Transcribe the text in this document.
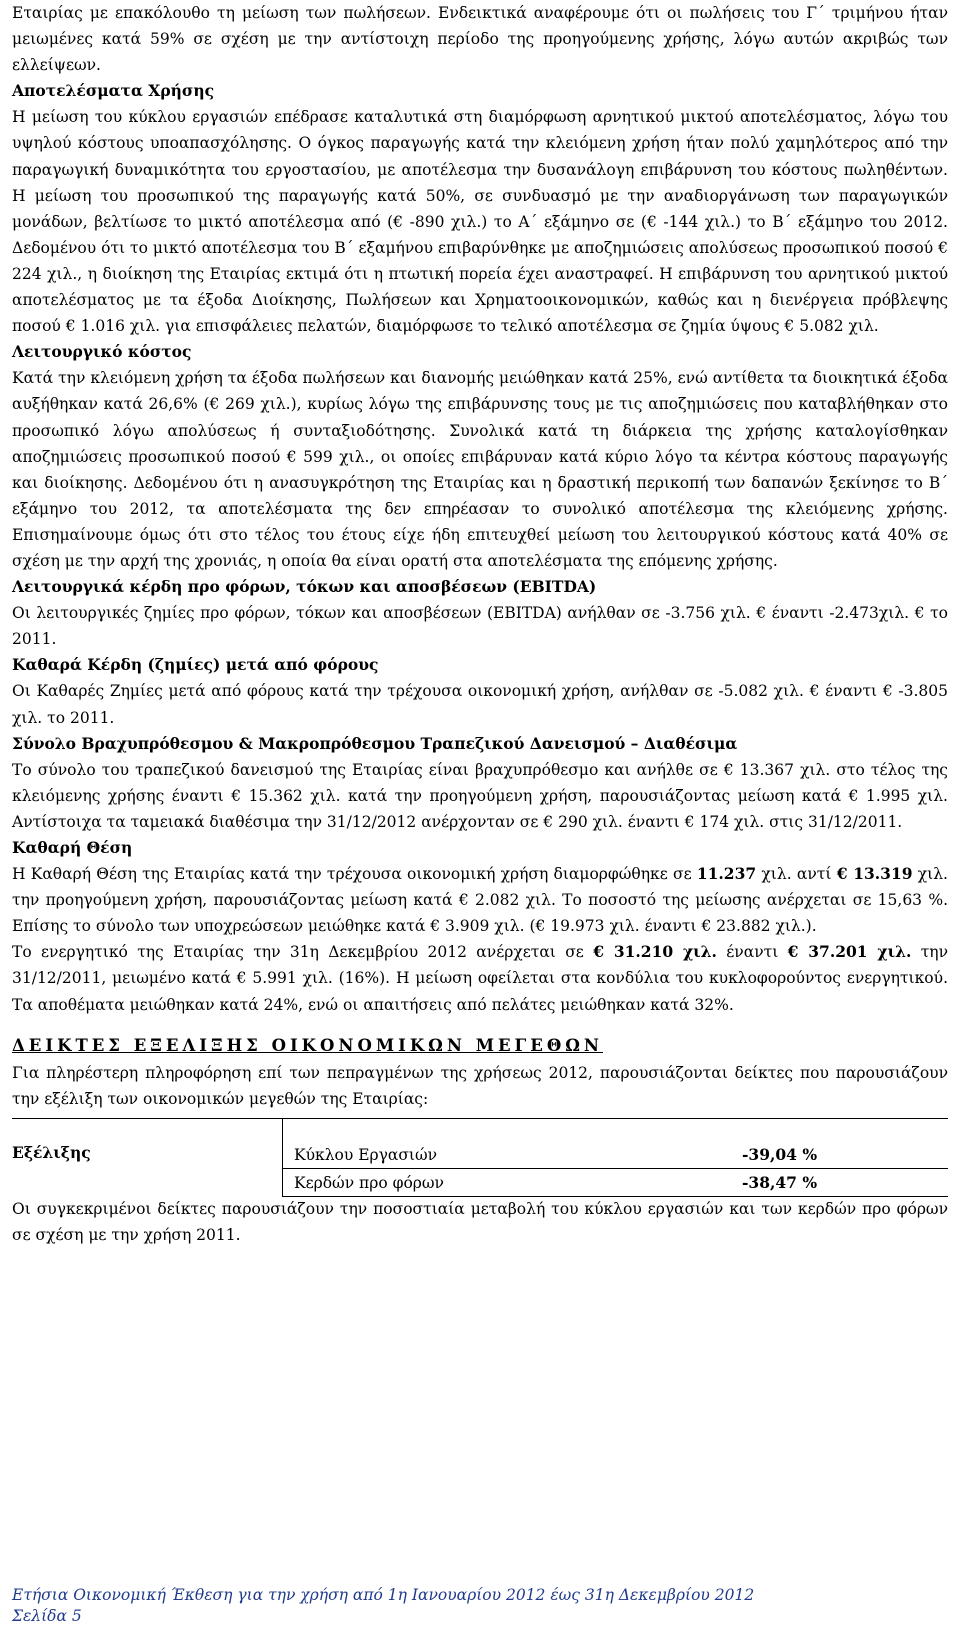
Εταιρίας με επακόλουθο τη μείωση των πωλήσεων. Ενδεικτικά αναφέρουμε ότι οι πωλήσεις του Γ΄ τριμήνου ήταν μειωμένες κατά 59% σε σχέση με την αντίστοιχη περίοδο της προηγούμενης χρήσης, λόγω αυτών ακριβώς των ελλείψεων.

Αποτελέσματα Χρήσης

Η μείωση του κύκλου εργασιών επέδρασε καταλυτικά στη διαμόρφωση αρνητικού μικτού αποτελέσματος, λόγω του υψηλού κόστους υποαπασχόλησης. Ο όγκος παραγωγής κατά την κλειόμενη χρήση ήταν πολύ χαμηλότερος από την παραγωγική δυναμικότητα του εργοστασίου, με αποτέλεσμα την δυσανάλογη επιβάρυνση του κόστους πωληθέντων. Η μείωση του προσωπικού της παραγωγής κατά 50%, σε συνδυασμό με την αναδιοργάνωση των παραγωγικών μονάδων, βελτίωσε το μικτό αποτέλεσμα από (€ -890 χιλ.) το Α΄ εξάμηνο σε (€ -144 χιλ.) το Β΄ εξάμηνο του 2012. Δεδομένου ότι το μικτό αποτέλεσμα του Β΄ εξαμήνου επιβαρύνθηκε με αποζημιώσεις απολύσεως προσωπικού ποσού € 224 χιλ., η διοίκηση της Εταιρίας εκτιμά ότι η πτωτική πορεία έχει αναστραφεί. Η επιβάρυνση του αρνητικού μικτού αποτελέσματος με τα έξοδα Διοίκησης, Πωλήσεων και Χρηματοοικονομικών, καθώς και η διενέργεια πρόβλεψης ποσού € 1.016 χιλ. για επισφάλειες πελατών, διαμόρφωσε το τελικό αποτέλεσμα σε ζημία ύψους € 5.082 χιλ.

Λειτουργικό κόστος

Κατά την κλειόμενη χρήση τα έξοδα πωλήσεων και διανομής μειώθηκαν κατά 25%, ενώ αντίθετα τα διοικητικά έξοδα αυξήθηκαν κατά 26,6% (€ 269 χιλ.), κυρίως λόγω της επιβάρυνσης τους με τις αποζημιώσεις που καταβλήθηκαν στο προσωπικό λόγω απολύσεως ή συνταξιοδότησης. Συνολικά κατά τη διάρκεια της χρήσης καταλογίσθηκαν αποζημιώσεις προσωπικού ποσού € 599 χιλ., οι οποίες επιβάρυναν κατά κύριο λόγο τα κέντρα κόστους παραγωγής και διοίκησης. Δεδομένου ότι η ανασυγκρότηση της Εταιρίας και η δραστική περικοπή των δαπανών ξεκίνησε το Β΄ εξάμηνο του 2012, τα αποτελέσματα της δεν επηρέασαν το συνολικό αποτέλεσμα της κλειόμενης χρήσης. Επισημαίνουμε όμως ότι στο τέλος του έτους είχε ήδη επιτευχθεί μείωση του λειτουργικού κόστους κατά 40% σε σχέση με την αρχή της χρονιάς, η οποία θα είναι ορατή στα αποτελέσματα της επόμενης χρήσης.

Λειτουργικά κέρδη προ φόρων, τόκων και αποσβέσεων (EBITDA)

Οι λειτουργικές ζημίες προ φόρων, τόκων και αποσβέσεων (EBITDA) ανήλθαν σε -3.756 χιλ. € έναντι -2.473χιλ. € το 2011.

Καθαρά Κέρδη (ζημίες) μετά από φόρους

Οι Καθαρές Ζημίες μετά από φόρους κατά την τρέχουσα οικονομική χρήση, ανήλθαν σε -5.082 χιλ. € έναντι € -3.805 χιλ. το 2011.

Σύνολο Βραχυπρόθεσμου & Μακροπρόθεσμου Τραπεζικού Δανεισμού – Διαθέσιμα

Το σύνολο του τραπεζικού δανεισμού της Εταιρίας είναι βραχυπρόθεσμο και ανήλθε σε € 13.367 χιλ. στο τέλος της κλειόμενης χρήσης έναντι € 15.362 χιλ. κατά την προηγούμενη χρήση, παρουσιάζοντας μείωση κατά € 1.995 χιλ. Αντίστοιχα τα ταμειακά διαθέσιμα την 31/12/2012 ανέρχονταν σε € 290 χιλ. έναντι € 174 χιλ. στις 31/12/2011.

Καθαρή Θέση

Η Καθαρή Θέση της Εταιρίας κατά την τρέχουσα οικονομική χρήση διαμορφώθηκε σε 11.237 χιλ. αντί € 13.319 χιλ. την προηγούμενη χρήση, παρουσιάζοντας μείωση κατά € 2.082 χιλ. Το ποσοστό της μείωσης ανέρχεται σε 15,63 %. Επίσης το σύνολο των υποχρεώσεων μειώθηκε κατά € 3.909 χιλ. (€ 19.973 χιλ. έναντι € 23.882 χιλ.).

Το ενεργητικό της Εταιρίας την 31η Δεκεμβρίου 2012 ανέρχεται σε € 31.210 χιλ. έναντι € 37.201 χιλ. την 31/12/2011, μειωμένο κατά € 5.991 χιλ. (16%). Η μείωση οφείλεται στα κονδύλια του κυκλοφορούντος ενεργητικού. Τα αποθέματα μειώθηκαν κατά 24%, ενώ οι απαιτήσεις από πελάτες μειώθηκαν κατά 32%.

ΔΕΙΚΤΕΣ ΕΞΕΛΙΞΗΣ ΟΙΚΟΝΟΜΙΚΩΝ ΜΕΓΕΘΩΝ

Για πληρέστερη πληροφόρηση επί των πεπραγμένων της χρήσεως 2012, παρουσιάζονται δείκτες που παρουσιάζουν την εξέλιξη των οικονομικών μεγεθών της Εταιρίας:

Εξέλιξης	Κύκλου Εργασιών	-39,04 %
Κερδών προ φόρων	-38,47 %

Οι συγκεκριμένοι δείκτες παρουσιάζουν την ποσοστιαία μεταβολή του κύκλου εργασιών και των κερδών προ φόρων σε σχέση με την χρήση 2011.

Ετήσια Οικονομική Έκθεση για την χρήση από 1η Ιανουαρίου 2012 έως 31η Δεκεμβρίου 2012
Σελίδα 5
